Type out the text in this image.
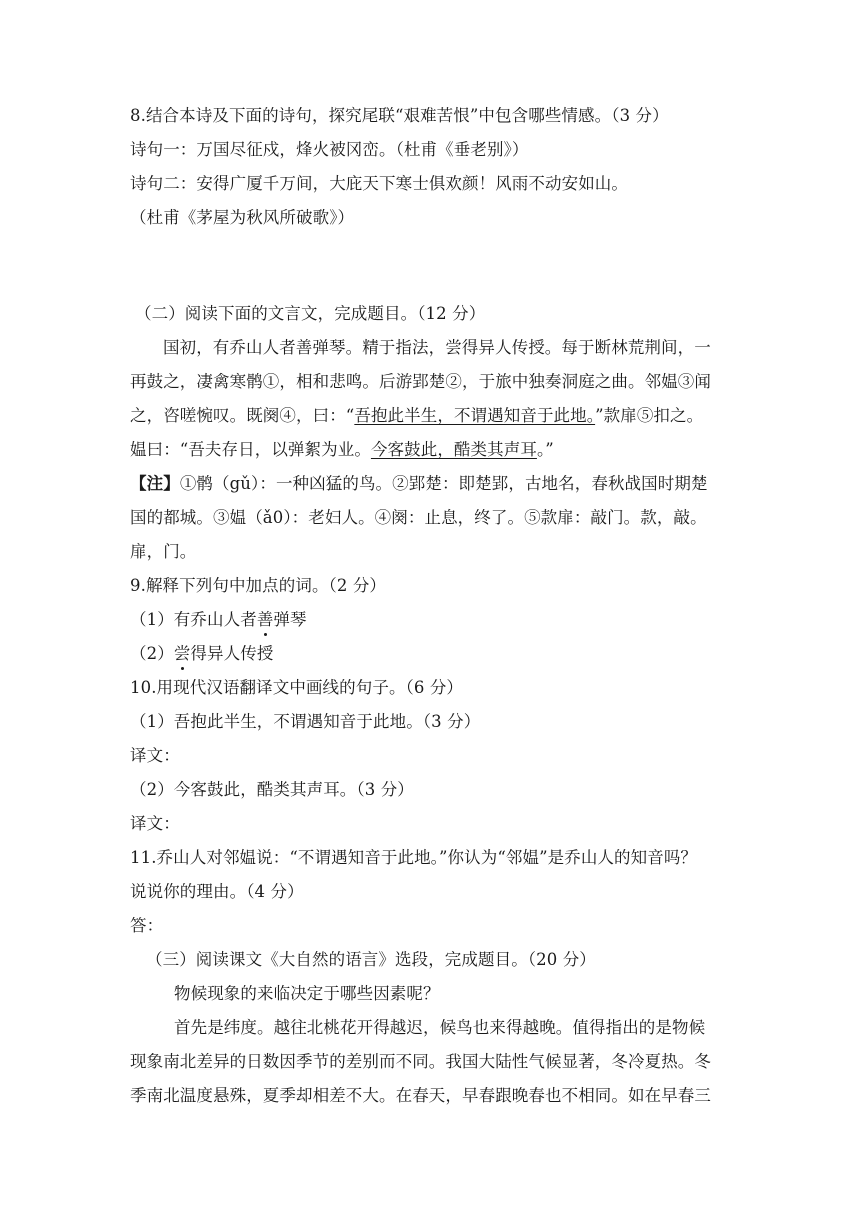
8.结合本诗及下面的诗句，探究尾联“艰难苦恨”中包含哪些情感。（3 分）

诗句一：万国尽征戍，烽火被冈峦。（杜甫《垂老别》）

诗句二：安得广厦千万间，大庇天下寒士俱欢颜！风雨不动安如山。

（杜甫《茅屋为秋风所破歌》）

（二）阅读下面的文言文，完成题目。（12 分）

国初，有乔山人者善弹琴。精于指法，尝得异人传授。每于断林荒荆间，一

再鼓之，凄禽寒鹘①，相和悲鸣。后游郢楚②，于旅中独奏洞庭之曲。邻媪③闻

之，咨嗟惋叹。既阕④，曰：“吾抱此半生，不谓遇知音于此地。”款扉⑤扣之。

媪曰：“吾夫存日，以弹絮为业。今客鼓此，酷类其声耳。”

【注】①鹘（gǔ）：一种凶猛的鸟。②郢楚：即楚郢，古地名，春秋战国时期楚

国的都城。③媪（ǎ0）：老妇人。④阕：止息，终了。⑤款扉：敲门。款，敲。

扉，门。

9.解释下列句中加点的词。（2 分）

（1）有乔山人者善弹琴

（2）尝得异人传授

10.用现代汉语翻译文中画线的句子。（6 分）

（1）吾抱此半生，不谓遇知音于此地。（3 分）

译文：

（2）今客鼓此，酷类其声耳。（3 分）

译文：

11.乔山人对邻媪说：“不谓遇知音于此地。”你认为“邻媪”是乔山人的知音吗？

说说你的理由。（4 分）

答：

（三）阅读课文《大自然的语言》选段，完成题目。（20 分）

物候现象的来临决定于哪些因素呢？

首先是纬度。越往北桃花开得越迟，候鸟也来得越晚。值得指出的是物候

现象南北差异的日数因季节的差别而不同。我国大陆性气候显著，冬冷夏热。冬

季南北温度悬殊，夏季却相差不大。在春天，早春跟晚春也不相同。如在早春三
